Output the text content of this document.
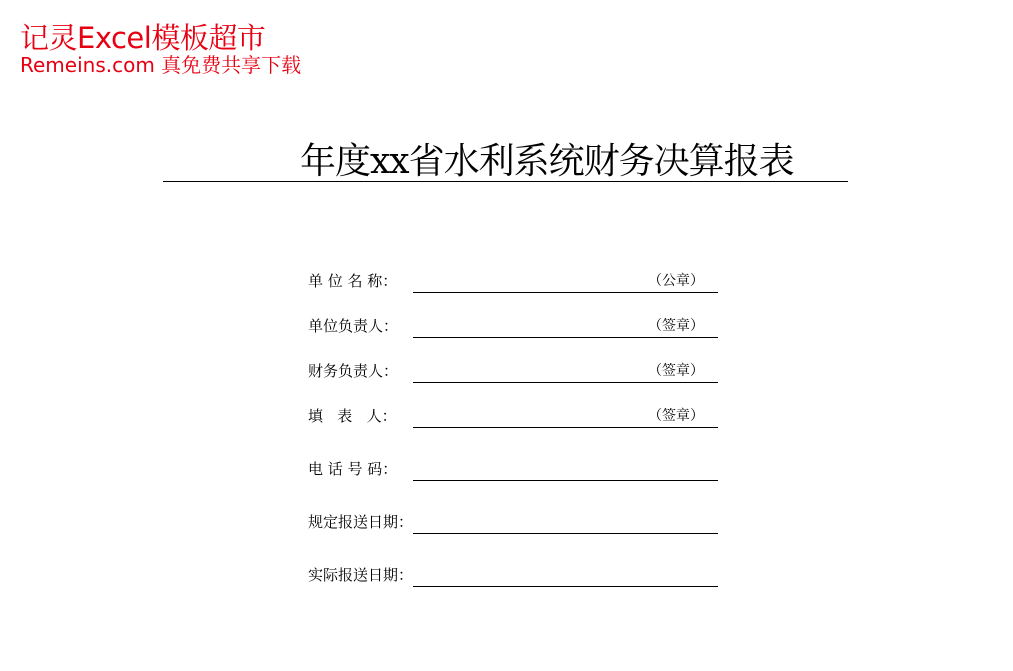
记灵Excel模板超市
Remeins.com 真免费共享下载
年度xx省水利系统财务决算报表
单 位 名 称：	（公章）
单位负责人：	（签章）
财务负责人：	（签章）
填   表   人：	（签章）
电 话 号 码：
规定报送日期：
实际报送日期：
